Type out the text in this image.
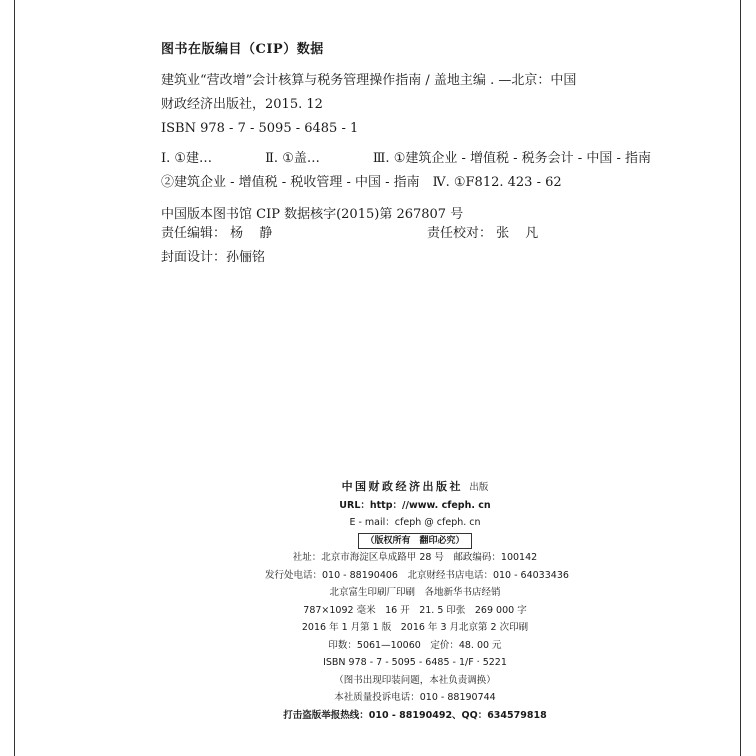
图书在版编目（CIP）数据
建筑业“营改增”会计核算与税务管理操作指南 / 盖地主编 . —北京：中国
财政经济出版社，2015. 12
ISBN 978 - 7 - 5095 - 6485 - 1
Ⅰ. ①建…	Ⅱ. ①盖…	Ⅲ. ①建筑企业 - 增值税 - 税务会计 - 中国 - 指南
②建筑企业 - 增值税 - 税收管理 - 中国 - 指南　Ⅳ. ①F812. 423 - 62
中国版本图书馆 CIP 数据核字(2015)第 267807 号
责任编辑： 杨 静	责任校对： 张 凡
封面设计： 孙俪铭
中国财政经济出版社 出版
URL：http：//www. cfeph. cn
E - mail：cfeph @ cfeph. cn
（版权所有　翻印必究）
社址：北京市海淀区阜成路甲 28 号　邮政编码：100142
发行处电话：010 - 88190406　北京财经书店电话：010 - 64033436
北京富生印刷厂印刷　各地新华书店经销
787×1092 毫米　16 开　21. 5 印张　269 000 字
2016 年 1 月第 1 版　2016 年 3 月北京第 2 次印刷
印数：5061—10060　定价：48. 00 元
ISBN 978 - 7 - 5095 - 6485 - 1/F · 5221
（图书出现印装问题，本社负责调换）
本社质量投诉电话：010 - 88190744
打击盗版举报热线：010 - 88190492、QQ：634579818
